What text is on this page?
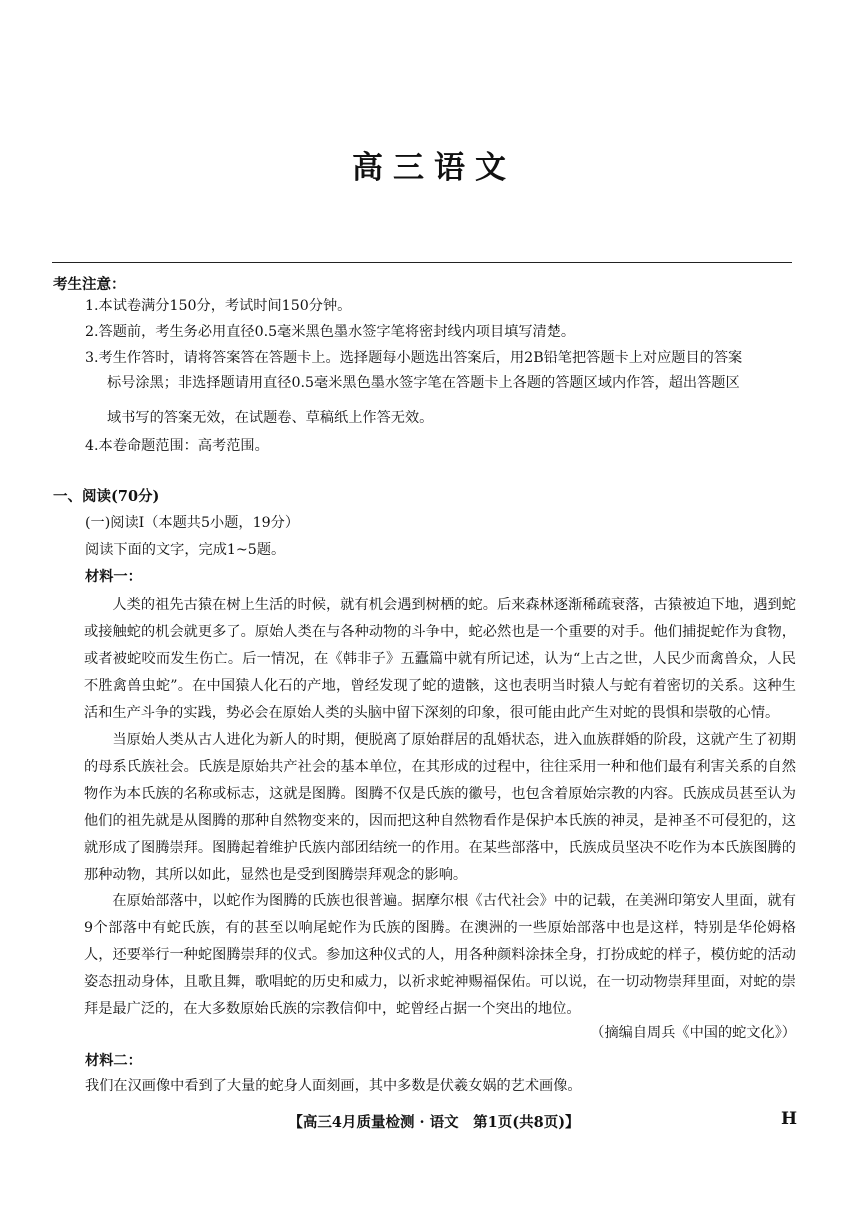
高三语文
考生注意：
1.本试卷满分150分，考试时间150分钟。
2.答题前，考生务必用直径0.5毫米黑色墨水签字笔将密封线内项目填写清楚。
3.考生作答时，请将答案答在答题卡上。选择题每小题选出答案后，用2B铅笔把答题卡上对应题目的答案
标号涂黑；非选择题请用直径0.5毫米黑色墨水签字笔在答题卡上各题的答题区域内作答，超出答题区
域书写的答案无效，在试题卷、草稿纸上作答无效。
4.本卷命题范围：高考范围。
一、阅读(70分)
(一)阅读Ⅰ（本题共5小题，19分）
阅读下面的文字，完成1~5题。
材料一：
人类的祖先古猿在树上生活的时候，就有机会遇到树栖的蛇。后来森林逐渐稀疏衰落，古猿被迫下地，遇到蛇或接触蛇的机会就更多了。原始人类在与各种动物的斗争中，蛇必然也是一个重要的对手。他们捕捉蛇作为食物，或者被蛇咬而发生伤亡。后一情况，在《韩非子》五蠹篇中就有所记述，认为“上古之世，人民少而禽兽众，人民不胜禽兽虫蛇”。在中国猿人化石的产地，曾经发现了蛇的遗骸，这也表明当时猿人与蛇有着密切的关系。这种生活和生产斗争的实践，势必会在原始人类的头脑中留下深刻的印象，很可能由此产生对蛇的畏惧和崇敬的心情。
当原始人类从古人进化为新人的时期，便脱离了原始群居的乱婚状态，进入血族群婚的阶段，这就产生了初期的母系氏族社会。氏族是原始共产社会的基本单位，在其形成的过程中，往往采用一种和他们最有利害关系的自然物作为本氏族的名称或标志，这就是图腾。图腾不仅是氏族的徽号，也包含着原始宗教的内容。氏族成员甚至认为他们的祖先就是从图腾的那种自然物变来的，因而把这种自然物看作是保护本氏族的神灵，是神圣不可侵犯的，这就形成了图腾崇拜。图腾起着维护氏族内部团结统一的作用。在某些部落中，氏族成员坚决不吃作为本氏族图腾的那种动物，其所以如此，显然也是受到图腾崇拜观念的影响。
在原始部落中，以蛇作为图腾的氏族也很普遍。据摩尔根《古代社会》中的记载，在美洲印第安人里面，就有9个部落中有蛇氏族，有的甚至以响尾蛇作为氏族的图腾。在澳洲的一些原始部落中也是这样，特别是华伦姆格人，还要举行一种蛇图腾崇拜的仪式。参加这种仪式的人，用各种颜料涂抹全身，打扮成蛇的样子，模仿蛇的活动姿态扭动身体，且歌且舞，歌唱蛇的历史和威力，以祈求蛇神赐福保佑。可以说，在一切动物崇拜里面，对蛇的崇拜是最广泛的，在大多数原始氏族的宗教信仰中，蛇曾经占据一个突出的地位。
（摘编自周兵《中国的蛇文化》）
材料二：
我们在汉画像中看到了大量的蛇身人面刻画，其中多数是伏羲女娲的艺术画像。
【高三4月质量检测 · 语文　第1页(共8页)】	H
